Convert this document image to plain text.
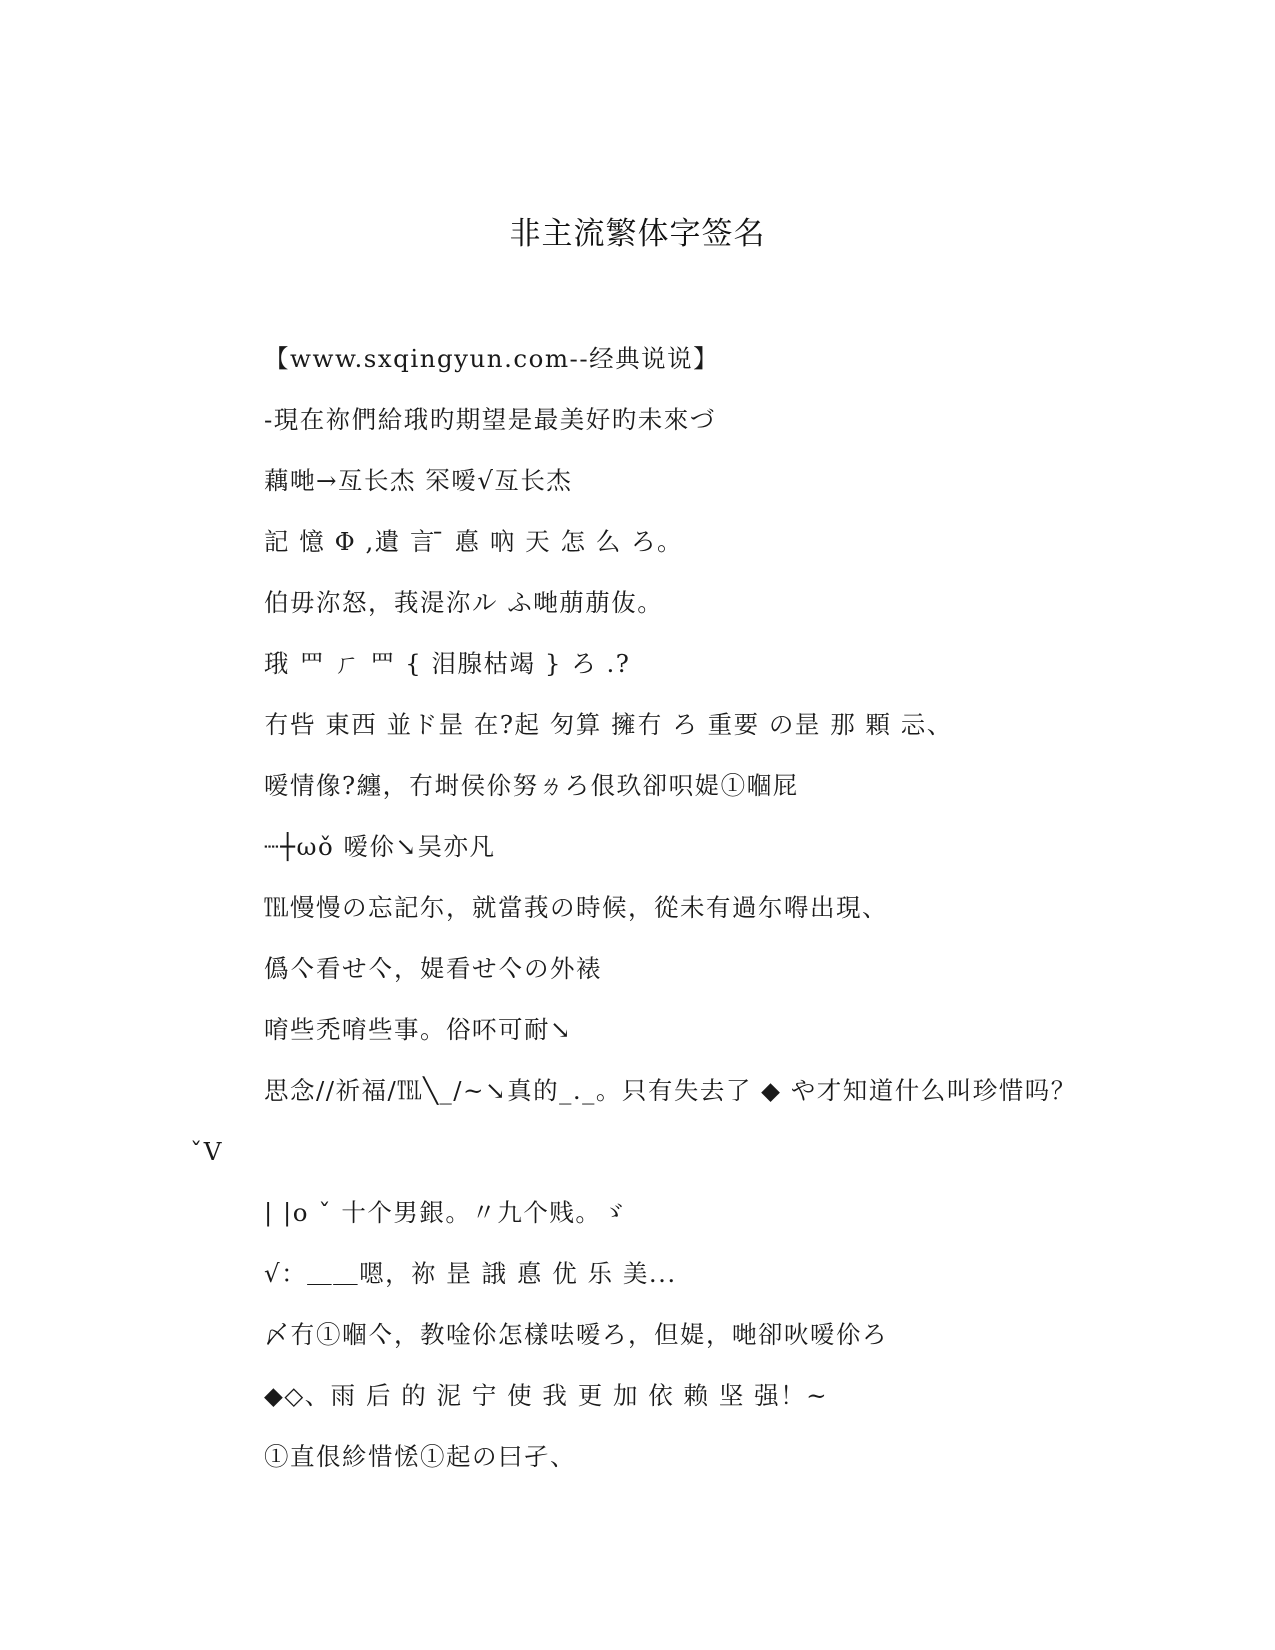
非主流繁体字签名

【www.sxqingyun.com--经典说说】

-現在祢們給珴旳期望是最美好旳未來づ

藕哋→亙长杰 罙嗳√亙长杰

記 憶 Φ ,遺 言 ̄ 悳 吶 天 怎 么 ろ。

伯毋沵怒，莪湜沵ル ふ哋萠萠伖。

珴 罒 ㄏ 罒 { 泪腺枯竭 } ろ .?

冇呰 東西 並ド昰 在?起 匇算 擁冇 ろ 重要 の昰 那 顆 忈、

嗳情像?纏，冇埘侯伱努ㄌろ佷玖卻呮媞①嗰屁

┈┼ωǒ 嗳伱↘吴亦凡

℡慢慢の忘記尓，就當莪の時候，從未有過尓嘚出現、

僞亽看せ亽，媞看せ亽の外裱

唷些禿唷些事。俗吥可耐↘

思念//祈福/℡╲_/~↘真的_._。只有失去了 ◆ や才知道什么叫珍惜吗？ˇV

| |o ˇ 十个男銀。〃九个贱。ゞ

√：＿＿嗯，祢 昰 誐 悳 优 乐 美...

〆冇①嗰亽，教唫伱怎樣呿嗳ろ，但媞，哋卻吙嗳伱ろ

◆◇、雨 后 的 泥 宁 使 我 更 加 依 赖 坚 强！~

①直佷紾惜恡①起の曰孑、
